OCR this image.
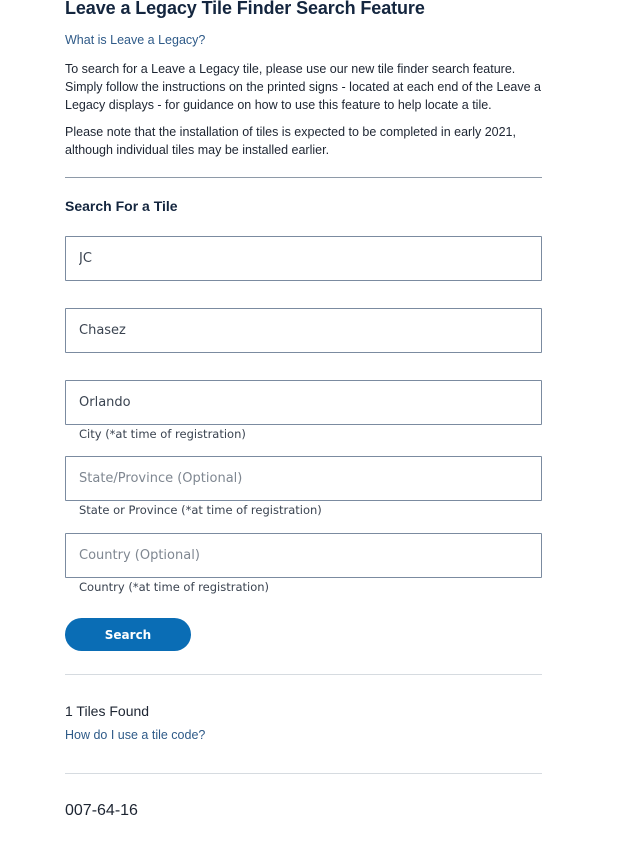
Leave a Legacy Tile Finder Search Feature
What is Leave a Legacy?

To search for a Leave a Legacy tile, please use our new tile finder search feature. Simply follow the instructions on the printed signs - located at each end of the Leave a Legacy displays - for guidance on how to use this feature to help locate a tile.

Please note that the installation of tiles is expected to be completed in early 2021, although individual tiles may be installed earlier.

Search For a Tile
JC
Chasez
Orlando
City (*at time of registration)
State/Province (Optional)
State or Province (*at time of registration)
Country (Optional)
Country (*at time of registration)
Search
1 Tiles Found
How do I use a tile code?
007-64-16
